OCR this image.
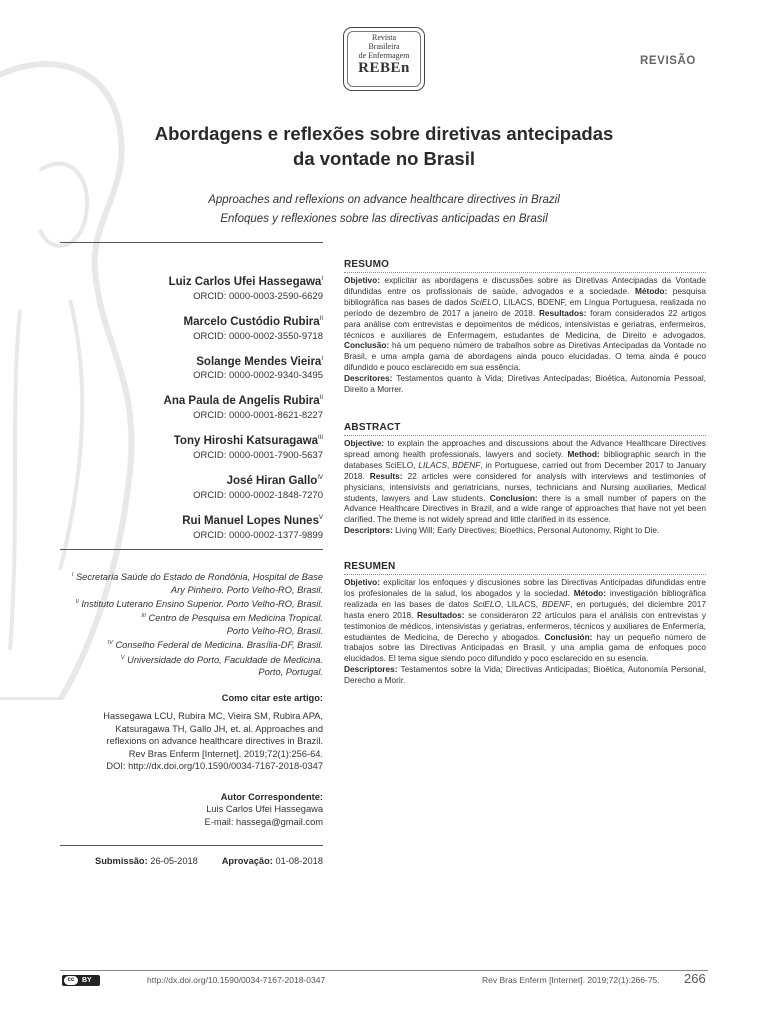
Revista
Brasileira
de Enfermagem
REBEn	REVISÃO
Abordagens e reflexões sobre diretivas antecipadas
da vontade no Brasil
Approaches and reflexions on advance healthcare directives in Brazil
Enfoques y reflexiones sobre las directivas anticipadas en Brasil
Luiz Carlos Ufei Hassegawa$^I$
ORCID: 0000-0003-2590-6629
Marcelo Custódio Rubira$^{II}$
ORCID: 0000-0002-3550-9718
Solange Mendes Vieira$^I$
ORCID: 0000-0002-9340-3495
Ana Paula de Angelis Rubira$^{II}$
ORCID: 0000-0001-8621-8227
Tony Hiroshi Katsuragawa$^{III}$
ORCID: 0000-0001-7900-5637
José Hiran Gallo$^{IV}$
ORCID: 0000-0002-1848-7270
Rui Manuel Lopes Nunes$^V$
ORCID: 0000-0002-1377-9899
$^I$ Secretaria Saúde do Estado de Rondônia, Hospital de Base
Ary Pinheiro. Porto Velho-RO, Brasil.
$^{II}$ Instituto Luterano Ensino Superior. Porto Velho-RO, Brasil.
$^{III}$ Centro de Pesquisa em Medicina Tropical.
Porto Velho-RO, Brasil.
$^{IV}$ Conselho Federal de Medicina. Brasília-DF, Brasil.
$^V$ Universidade do Porto, Faculdade de Medicina.
Porto, Portugal.
Como citar este artigo:
Hassegawa LCU, Rubira MC, Vieira SM, Rubira APA,
Katsuragawa TH, Gallo JH, et. al. Approaches and
reflexions on advance healthcare directives in Brazil.
Rev Bras Enferm [Internet]. 2019;72(1):256-64.
DOI: http://dx.doi.org/10.1590/0034-7167-2018-0347
Autor Correspondente:
Luis Carlos Ufei Hassegawa
E-mail: hassega@gmail.com
Submissão: 26-05-2018	Aprovação: 01-08-2018
RESUMO

Objetivo: explicitar as abordagens e discussões sobre as Diretivas Antecipadas da Vontade difundidas entre os profissionais de saúde, advogados e a sociedade. Método: pesquisa bibliográfica nas bases de dados SciELO, LILACS, BDENF, em Língua Portuguesa, realizada no período de dezembro de 2017 a janeiro de 2018. Resultados: foram considerados 22 artigos para análise com entrevistas e depoimentos de médicos, intensivistas e geriatras, enfermeiros, técnicos e auxiliares de Enfermagem, estudantes de Medicina, de Direito e advogados. Conclusão: há um pequeno número de trabalhos sobre as Diretivas Antecipadas da Vontade no Brasil, e uma ampla gama de abordagens ainda pouco elucidadas. O tema ainda é pouco difundido e pouco esclarecido em sua essência.

Descritores: Testamentos quanto à Vida; Diretivas Antecipadas; Bioética, Autonomia Pessoal, Direito a Morrer.

ABSTRACT

Objective: to explain the approaches and discussions about the Advance Healthcare Directives spread among health professionals, lawyers and society. Method: bibliographic search in the databases SciELO, LILACS, BDENF, in Portuguese, carried out from December 2017 to January 2018. Results: 22 articles were considered for analysis with interviews and testimonies of physicians, intensivists and geriatricians, nurses, technicians and Nursing auxiliaries, Medical students, lawyers and Law students. Conclusion: there is a small number of papers on the Advance Healthcare Directives in Brazil, and a wide range of approaches that have not yet been clarified. The theme is not widely spread and little clarified in its essence.

Descriptors: Living Will; Early Directives; Bioethics, Personal Autonomy, Right to Die.

RESUMEN

Objetivo: explicitar los enfoques y discusiones sobre las Directivas Anticipadas difundidas entre los profesionales de la salud, los abogados y la sociedad. Método: investigación bibliográfica realizada en las bases de datos SciELO, LILACS, BDENF, en portugués, del diciembre 2017 hasta enero 2018. Resultados: se consideraron 22 artículos para el análisis con entrevistas y testimonios de médicos, intensivistas y geriatras, enfermeros, técnicos y auxiliares de Enfermería, estudiantes de Medicina, de Derecho y abogados. Conclusión: hay un pequeño número de trabajos sobre las Directivas Anticipadas en Brasil, y una amplia gama de enfoques poco elucidados. El tema sigue siendo poco difundido y poco esclarecido en su esencia.

Descriptores: Testamentos sobre la Vida; Directivas Anticipadas; Bioética, Autonomía Personal, Derecho a Morir.

cc BY	http://dx.doi.org/10.1590/0034-7167-2018-0347	Rev Bras Enferm [Internet]. 2019;72(1):266-75. 266
